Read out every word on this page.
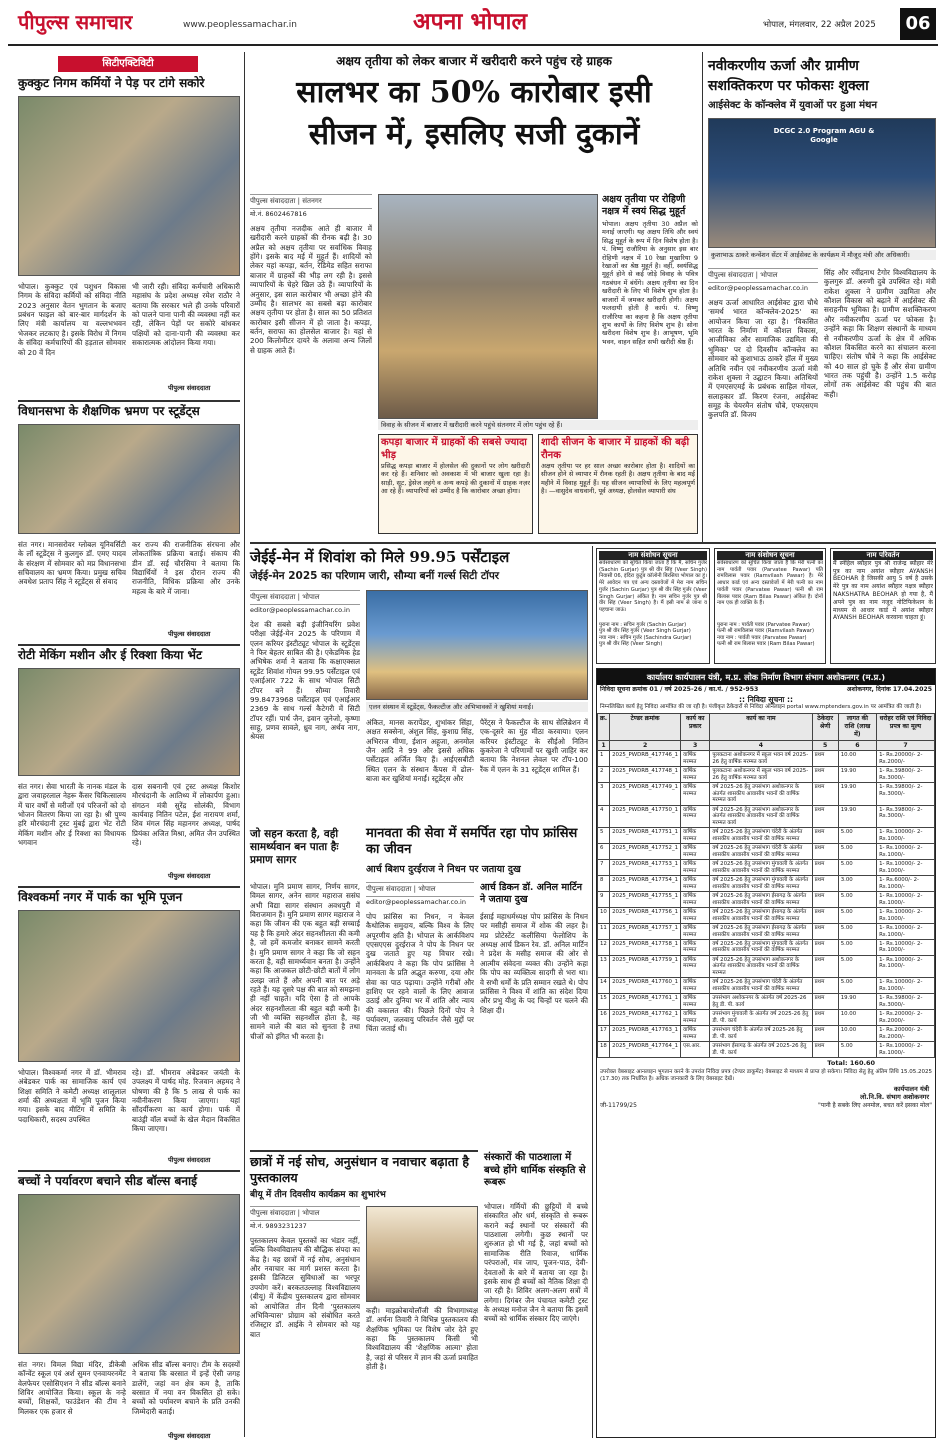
पीपुल्स समाचार	www.peoplessamachar.in	अपना भोपाल	भोपाल, मंगलवार, 22 अप्रैल 2025	06
सिटीएक्टिविटी
कुक्कुट निगम कर्मियों ने पेड़ पर टांगे सकोरे
भोपाल। कुक्कुट एवं पशुधन विकास निगम के संविदा कर्मियों को संविदा नीति 2023 अनुसार वेतन भुगतान के बजाए प्रबंधन फाइल को बार-बार मार्गदर्शन के लिए मंत्री कार्यालय या वल्लभभवन भेजकर लटकाए है। इसके विरोध में निगम के संविदा कर्मचारियों की हड़ताल सोमवार को 20 वें दिन
भी जारी रही। संविदा कर्मचारी अधिकारी महासंघ के प्रदेश अध्यक्ष रमेश राठौर ने बताया कि सरकार भले ही उनके परिवारों को पालने पाना पानी की व्यवस्था नहीं कर रही, लेकिन पेड़ों पर सकोरे बांधकर पक्षियों को दाना-पानी की व्यवस्था कर सकारात्मक आंदोलन किया गया।
पीपुल्स संवाददाता
विधानसभा के शैक्षणिक भ्रमण पर स्टूडेंट्स
संत नगर। मानसरोवर ग्लोबल यूनिवर्सिटी के लॉ स्टूडेंट्स ने कुलगुरु डॉ. एमए यादव के संरक्षण में सोमवार को मप्र विधानसभा सचिवालय का भ्रमण किया। प्रमुख सचिव अवधेश प्रताप सिंह ने स्टूडेंट्स से संवाद
कर राज्य की राजनीतिक संरचना और लोकतांत्रिक प्रक्रिया बताई। संकाय की डीन डॉ. सई चौरसिया ने बताया कि विद्यार्थियों ने इस दौरान राज्य की राजनीति, विधिक प्रक्रिया और उनके महत्व के बारे में जाना।
पीपुल्स संवाददाता
रोटी मेकिंग मशीन और ई रिक्शा किया भेंट
संत नगर। सेवा भारती के नानक मंडल के द्वारा जवाहरलाल नेहरू कैंसर चिकित्सालय में चार वर्षों से मरीजों एवं परिजनों को दो भोजन वितरण किया जा रहा है। श्री पुण्य हरि मौरचंदानी ट्रस्ट मुंबई द्वारा भेंट रोटी मेकिंग मशीन और ई रिक्शा का विधायक भगवान
दास सबनानी एवं ट्रस्ट अध्यक्ष किशोर मौरचंदानी के आतिथ्य में लोकार्पण हुआ। संगठन मंत्री सुरेंद्र सोलंकी, विभाग कार्यवाह नितिन पटेल, ईश नारायण शर्मा, शिव मंगल सिंह महानगर अध्यक्ष, पार्षद प्रियंका अजित मिश्रा, अमित जैन उपस्थित रहे।
पीपुल्स संवाददाता
विश्वकर्मा नगर में पार्क का भूमि पूजन
भोपाल। विश्वकर्मा नगर में डॉ. भीमराव अंबेडकर पार्क का सामाजिक कार्य एवं शिक्षा समिति ने कमेटी अध्यक्ष शालूलाल शर्मा की अध्यक्षता में भूमि पूजन किया गया। इसके बाद मीटिंग में समिति के पदाधिकारी, सदस्य उपस्थित
रहे। डॉ. भीमराव अंबेडकर जयंती के उपलक्ष्य में पार्षद मोह. रिजवान अहमद ने घोषणा की है कि 5 लाख से पार्क का नवीनीकरण किया जाएगा। यहां सौंदर्यीकरण का कार्य होगा। पार्क में बाउंड्री वॉल बच्चों के खेल मैदान विकसित किया जाएगा।
पीपुल्स संवाददाता
बच्चों ने पर्यावरण बचाने सीड बॉल्स बनाई
संत नगर। विमल विद्या मंदिर, डीकेबी कॉन्वेंट स्कूल एवं अर्श सुमन एनवायरनमेंट वेलफेयर एसोसिएशन ने सीड बॉल्स बनाने शिविर आयोजित किया। स्कूल के नन्हे बच्चों, शिक्षकों, फाउंडेशन की टीम ने मिलकर एक हजार से
अधिक सीड बॉल्स बनाए। टीम के सदस्यों ने बताया कि बरसात में इन्हें ऐसी जगह डालेंगे, जहां वन क्षेत्र कम है, ताकि बरसात में नया वन विकसित हो सके। बच्चों को पर्यावरण बचाने के प्रति उनकी जिम्मेदारी बताई।
पीपुल्स संवाददाता
अक्षय तृतीया को लेकर बाजार में खरीदारी करने पहुंच रहे ग्राहक
सालभर का 50% कारोबार इसी
सीजन में, इसलिए सजी दुकानें
पीपुल्स संवाददाता | संतनगर
मो.नं. 8602467816
अक्षय तृतीया नजदीक आते ही बाजार में खरीदारी करने ग्राहकों की रौनक बढ़ी है। 30 अप्रैल को अक्षय तृतीया पर सर्वाधिक विवाह होंगे। इसके बाद मई में मुहूर्त हैं। शादियों को लेकर यहां कपड़ा, बर्तन, रेडिमेड सहित सराफा बाजार में ग्राहकों की भीड़ लग रही है। इससे व्यापारियों के चेहरे खिल उठे हैं। व्यापारियों के अनुसार, इस साल कारोबार भी अच्छा होने की उम्मीद है। सालभर का सबसे बड़ा कारोबार अक्षय तृतीया पर होता है। साल का 50 प्रतिशत कारोबार इसी सीजन में हो जाता है। कपड़ा, बर्तन, सराफा का होलसेल बाजार है। यहां से 200 किलोमीटर दायरे के अलावा अन्य जिलों से ग्राहक आते हैं।
विवाह के सीजन में बाजार में खरीदारी करने पहुंचे संतनगर में लोग पहुंच रहे हैं।
कपड़ा बाजार में ग्राहकों की सबसे ज्यादा भीड़
प्रसिद्ध कपड़ा बाजार में होलसेल की दुकानों पर लोग खरीदारी कर रहे हैं। शनिवार को अवकाश में भी बाजार खुला रहा है। साड़ी, सूट, ड्रेसेज लहंगे व अन्य कपड़े की दुकानों में ग्राहक नज़र आ रहे हैं। व्यापारियों को उम्मीद है कि कारोबार अच्छा होगा।
शादी सीजन के बाजार में ग्राहकों की बढ़ी रौनक
अक्षय तृतीया पर हर साल अच्छा कारोबार होता है। शादियों का सीजन होने से व्यापार में रौनक रहती है। अक्षय तृतीया के बाद मई महीने में विवाह मुहूर्त हैं। यह सीजन व्यापारियों के लिए महत्वपूर्ण है। —वासुदेव वाधवानी, पूर्व अध्यक्ष, होलसेल व्यापारी संघ
अक्षय तृतीया पर रोहिणी नक्षत्र में स्वयं सिद्ध मुहूर्त
भोपाल। अक्षय तृतीया 30 अप्रैल को मनाई जाएगी। यह अक्षय तिथि और स्वयं सिद्ध मुहूर्त के रूप में दिन विशेष होता है। पं. विष्णु राजौरिया के अनुसार इस बार रोहिणी नक्षत्र में 10 रेखा मुखारिया 9 रेखाओं का श्रेष्ठ मुहूर्त है। वहीं, स्वयंसिद्ध मुहूर्त होने से कई जोड़े विवाह के पवित्र गठबंधन में बंधेंगे। अक्षय तृतीया का दिन खरीदारी के लिए भी विशेष शुभ होता है। बाजारों में जमकर खरीदारी होगी। अक्षय फलदायी होती है कार्य। पं. विष्णु राजौरिया का कहना है कि अक्षय तृतीया शुभ कार्यों के लिए विशेष शुभ है। सोना खरीदना विशेष शुभ है। आभूषण, भूमि भवन, वाहन सहित सभी खरीदी श्रेष्ठ हैं।
नवीकरणीय ऊर्जा और ग्रामीण
सशक्तिकरण पर फोकसः शुक्ला
आईसेक्ट के कॉन्क्लेव में युवाओं पर हुआ मंथन
DCGC 2.0 Program AGU & Google
कुशाभाऊ ठाकरे कन्वेंशन सेंटर में आईसेक्ट के कार्यक्रम में मौजूद मंत्री और अधिकारी।
पीपुल्स संवाददाता | भोपाल
editor@peoplessamachar.co.in
अक्षय ऊर्जा आधारित आईसेक्ट द्वारा चौथे 'समर्थ भारत कॉन्क्लेव-2025' का आयोजन किया जा रहा है। 'विकसित भारत के निर्माण में कौशल विकास, आजीविका और सामाजिक उद्यमिता की भूमिका' पर दो दिवसीय कॉन्क्लेव का सोमवार को कुशाभाऊ ठाकरे हॉल में मुख्य अतिथि नवीन एवं नवीकरणीय ऊर्जा मंत्री राकेश शुक्ला ने उद्घाटन किया। अतिथियों में एमएसएमई के प्रबंधक साहिल गोयल, सलाहकार डॉ. किरण रंजना, आईसेक्ट समूह के चेयरमैन संतोष चौबे, एफएसएम कुलपति डॉ. विजय
सिंह और रवींद्रनाथ टैगोर विश्वविद्यालय के कुलगुरु डॉ. अरुणी दुबे उपस्थित रहे। मंत्री राकेश शुक्ला ने ग्रामीण उद्यमिता और कौशल विकास को बढ़ाने में आईसेक्ट की सराहनीय भूमिका है। ग्रामीण सशक्तिकरण और नवीकरणीय ऊर्जा पर फोकस है। उन्होंने कहा कि शिक्षण संस्थानों के माध्यम से नवीकरणीय ऊर्जा के क्षेत्र में अधिक कौशल विकसित करने का संचालन करना चाहिए। संतोष चौबे ने कहा कि आईसेक्ट को 40 साल हो चुके हैं और सेवा ग्रामीण भारत तक पहुंची है। उन्होंने 1.5 करोड़ लोगों तक आईसेक्ट की पहुंच की बात कही।
जेईई-मेन में शिवांश को मिले 99.95 पर्सेंटाइल
जेईई-मेन 2025 का परिणाम जारी, सौम्या बनीं गर्ल्स सिटी टॉपर
पीपुल्स संवाददाता | भोपाल
editor@peoplessamachar.co.in
देश की सबसे बड़ी इंजीनियरिंग प्रवेश परीक्षा जेईई-मेन 2025 के परिणाम में एलन करियर इंस्टीट्यूट भोपाल के स्टूडेंट्स ने फिर बेहतर साबित की है। एकेडमिक हेड अभिषेक शर्मा ने बताया कि कक्षाएक्सल स्टूडेंट शिवांश गोयल 99.95 पर्सेंटाइल एवं एआईआर 722 के साथ भोपाल सिटी टॉपर बने हैं। सौम्या तिवारी 99.8473968 पर्सेंटाइल एवं एआईआर 2369 के साथ गर्ल्स कैटेगरी में सिटी टॉपर रहीं। पार्थ जैन, इवान जुनेजो, कृष्णा साहू, प्रणव सावले, ध्रुव नाग, अर्थव नाग, श्रेयस
एलन संस्थान में स्टूडेंट्स, फैकल्टीज और अभिभावकों ने खुशियां मनाईं।
अंकित, मानस करापेंडर, शुभांकर सिंहा, अक्षत सक्सेना, अंशुल सिंह, कुशाग्र सिंह, अभिराज मीणा, ईशान अहूजा, अनमोल जैन आदि ने 99 और इससे अधिक पर्सेंटाइल अर्जित किए हैं। आईएसबीटी स्थित एलन के संस्थान कैंपस में ढोल-बाजा कर खुशियां मनाईं। स्टूडेंट्स और
पैरेंट्स ने फैकल्टीज के साथ सेलिब्रेशन में एक-दूसरे का मुंह मीठा करवाया। एलन करियर इंस्टीट्यूट के सीईओ नितिन कुकरेजा ने परिणामों पर खुशी जाहिर कर बताया कि नेशनल लेवल पर टॉप-100 रैंक में एलन के 31 स्टूडेंट्स शामिल हैं।
जो सहन करता है, वही सामर्थ्यवान बन पाता हैः प्रमाण सागर
भोपाल। मुनि प्रमाण सागर, निर्णय सागर, विमल सागर, अनेन सागर महाराज ससंघ अभी विद्या सागर संस्थान अवधपुरी में विराजमान हैं। मुनि प्रमाण सागर महाराज ने कहा कि जीवन की एक बहुत बड़ी सच्चाई यह है कि हमारे अंदर सहनशीलता की कमी है, जो हमें कमजोर बनाकर सामने करती है। मुनि प्रमाण सागर ने कहा कि जो सहन करता है, वही सामर्थ्यवान बनता है। उन्होंने कहा कि आजकल छोटी-छोटी बातों में लोग उलझ जाते हैं और अपनी बात पर अड़े रहते हैं। यह दूसरे पक्ष की बात को समझना ही नहीं चाहते। यदि ऐसा है तो आपके अंदर सहनशीलता की बहुत बड़ी कमी है। जी भी व्यक्ति सहनशील होता है, वह सामने वाले की बात को सुनता है तथा चीजों को इंगित भी करता है।
मानवता की सेवा में समर्पित रहा पोप फ्रांसिस का जीवन
आर्च बिशप दुरईराज ने निधन पर जताया दुख
पीपुल्स संवाददाता | भोपाल
editor@peoplessamachar.co.in
पोप फ्रांसिस का निधन, न केवल कैथोलिक समुदाय, बल्कि विश्व के लिए अपूरणीय क्षति है। भोपाल के आर्कविशप एएसएएस दुरईराज ने पोप के निधन पर दुख जताते हुए यह विचार रखे। आर्कबिशप ने कहा कि पोप फ्रांसिस ने मानवता के प्रति अद्भुत करुणा, दया और सेवा का पाठ पढ़ाया। उन्होंने गरीबों और हाशिए पर रहने वालों के लिए आवाज उठाई और दुनिया भर में शांति और न्याय की वकालत की। पिछले दिनों पोप ने पर्यावरण, जलवायु परिवर्तन जैसे मुद्दों पर चिंता जताई थी।
आर्च डिकन डॉ. अनिल मार्टिन ने जताया दुख
ईसाई महाधर्मध्यक्ष पोप फ्रांसिस के निधन पर मसीही समाज में शोक की लहर है। मप्र प्रोटेस्टेंट कलीसिया फेलोशिप के अध्यक्ष आर्च डिकन रेव. डॉ. अनिल मार्टिन ने प्रदेश के मसीह समाज की ओर से आत्मीय संवेदना व्यक्त की। उन्होंने कहा कि पोप का व्यक्तित्व सादगी से भरा था। वे सभी धर्मों के प्रति सम्मान रखते थे। पोप फ्रांसिस ने विश्व में शांति का संदेश दिया और प्रभु यीशु के पद चिन्हों पर चलने की शिक्षा दी।
छात्रों में नई सोच, अनुसंधान व नवाचार बढ़ाता है पुस्तकालय
बीयू में तीन दिवसीय कार्यक्रम का शुभारंभ
पीपुल्स संवाददाता | भोपाल
मो.नं. 9893231237
पुस्तकालय केवल पुस्तकों का भंडार नहीं, बल्कि विश्वविद्यालय की बौद्धिक संपदा का केंद्र है। यह छात्रों में नई सोच, अनुसंधान और नवाचार का मार्ग प्रशस्त करता है। इसकी डिजिटल सुविधाओं का भरपूर उपयोग करें। बरकतउल्लाह विश्वविद्यालय (बीयू) में केंद्रीय पुस्तकालय द्वारा सोमवार को आयोजित तीन दिनी 'पुस्तकालय अभिविन्यास' प्रोग्राम को संबोधित करते रजिस्ट्रार डॉ. आईके ने सोमवार को यह बात
कही। माइक्रोबायोलॉजी की विभागाध्यक्ष डॉ. अर्चना तिवारी ने विभिन्न पुस्तकालय की शैक्षणिक भूमिका पर विशेष जोर देते हुए कहा कि पुस्तकालय किसी भी विश्वविद्यालय की 'शैक्षणिक आत्मा' होता है, जहां से परिसर में ज्ञान की ऊर्जा प्रवाहित होती है।
संस्कारों की पाठशाला में बच्चे होंगे धार्मिक संस्कृति से रूबरू
भोपाल। गर्मियों की छुट्टियों में बच्चे संस्कारित और धर्म, संस्कृति से रूबरू कराने कई स्थानों पर संस्कारों की पाठशाला लगेगी। कुछ स्थानों पर शुरुआत हो भी गई है, जहां बच्चों को सामाजिक रीति रिवाज, धार्मिक परंपराओं, मंत्र जाप, पूजन-पाठ, देवी-देवताओं के बारे में बताया जा रहा है। इसके साथ ही बच्चों को नैतिक शिक्षा दी जा रही है। शिविर अलग-अलग सत्रों में लगेगा। दिगंबर जैन पंचायत कमेटी ट्रस्ट के अध्यक्ष मनोज जैन ने बताया कि इसमें बच्चों को धार्मिक संस्कार दिए जाएंगे।
नाम संशोधन सूचना
सर्वसाधारण को सूचित किया जाता है कि मैं, सचिन गुर्जर (Sachin Gurjar) पुत्र श्री वीर सिंह (Veer Singh) निवासी 06, इंदिरा कुटुंब कॉलोनी बिरसिया भोपाल का हूं। मेरे आवेदन पत्र एवं अन्य दस्तावेजों में मेरा नाम सचिन गुर्जर (Sachin Gurjar) पुत्र श्री वीर सिंह गुर्जर (Veer Singh Gurjar) अंकित है। नाम सचिन गुर्जर पुत्र श्री वीर सिंह (Veer Singh) है। मैं इसी नाम से जाना व पहचाना जाऊं।
पुराना नाम : सचिन गुर्जर (Sachin Gurjar)
पुत्र श्री वीर सिंह गुर्जर (Veer Singh Gurjar)
नया नाम : सचिन गुर्जर (Sachindra Gurjar)
पुत्र श्री वीर सिंह (Veer Singh)
नाम संशोधन सूचना
सर्वसाधारण को सूचित किया जाता है कि मेरी पत्नी का नाम पार्वती पवार (Parvatee Pawar) पति रामविलास पवार (Ramvilash Pawar) है। मेरे आधार कार्ड एवं अन्य दस्तावेजों में मेरी पत्नी का नाम पार्वती पवार (Parvatee Pawar) पत्नी श्री राम बिलास पवार (Ram Bilas Pawar) अंकित है। दोनों नाम एक ही व्यक्ति के हैं।
पुराना नाम : पार्वती पवार (Parvatee Pawar)
पत्नी श्री रामविलास पवार (Ramvilash Pawar)
नया नाम : पार्वती पवार (Parvatee Pawar)
पत्नी श्री राम बिलास पवार (Ram Bilas Pawar)
नाम परिवर्तन
मैं स्नेहिल ब्यौहार पुत्र श्री राजेन्द्र ब्यौहार मेरे पुत्र का नाम अयांश ब्यौहार AYANSH BEOHAR है जिसकी आयु 5 वर्ष है उसके मेरे पुत्र का नाम अयांश ब्यौहार नक्षत्र ब्यौहार NAKSHATRA BEOHAR हो गया है, मैं अपने पुत्र का नाम नजूद नोटिफिकेशन के माध्यम से आधार कार्ड में अयांश ब्यौहार AYANSH BEOHAR करवाना चाहता हूं।
कार्यालय कार्यपालन यंत्री, म.प्र. लोक निर्माण विभाग संभाग अशोकनगर (म.प्र.)
निविदा सूचना क्रमांक 01 / वर्ष 2025-26 / का.यं. / 952-953	अशोकनगर, दिनांक 17.04.2025
:: निविदा सूचना ::
निम्नलिखित कार्य हेतु निविदा आमंत्रित की जा रही है। पंजीकृत ठेकेदारों से निविदा ऑनलाइन portal www.mptenders.gov.in पर आमंत्रित की जाती है।
क्र.	टेण्डर क्रमांक	कार्य का प्रकार	कार्य का नाम	ठेकेदार श्रेणी	लागत की राशि (लाख में)	धरोहर राशि एवं निविदा प्रपत्र का मूल्य
1	2	3	4	5	6	7
1	2025_PWDRB_417746_1	वार्षिक मरम्मत	पुलकटाना अशोकनगर में स्कूल भवन वर्ष 2025-26 हेतु वार्षिक मरम्मत कार्य	प्रथम	10.00	1- Rs.20000/- 2- Rs.2000/-
2	2025_PWDRB_417748_1	वार्षिक मरम्मत	पुलकटाना अशोकनगर में स्कूल भवन वर्ष 2025-26 हेतु वार्षिक मरम्मत कार्य	प्रथम	19.90	1- Rs.39800/- 2- Rs.3000/-
3	2025_PWDRB_417749_1	वार्षिक मरम्मत	वर्ष 2025-26 हेतु उपसंभाग अशोकनगर के अंतर्गत शासकीय आवासीय भवनों की वार्षिक मरम्मत कार्य	प्रथम	19.90	1- Rs.39800/- 2- Rs.3000/-
4	2025_PWDRB_417750_1	वार्षिक मरम्मत	वर्ष 2025-26 हेतु उपसंभाग अशोकनगर के अंतर्गत शासकीय आवासीय भवनों की वार्षिक मरम्मत कार्य	प्रथम	19.90	1- Rs.39800/- 2- Rs.3000/-
5	2025_PWDRB_417751_1	वार्षिक मरम्मत	वर्ष 2025-26 हेतु उपसंभाग चंदेरी के अंतर्गत शासकीय आवासीय भवनों की वार्षिक मरम्मत	प्रथम	5.00	1- Rs.10000/- 2- Rs.1000/-
6	2025_PWDRB_417752_1	वार्षिक मरम्मत	वर्ष 2025-26 हेतु उपसंभाग चंदेरी के अंतर्गत शासकीय आवासीय भवनों की वार्षिक मरम्मत	प्रथम	5.00	1- Rs.10000/- 2- Rs.1000/-
7	2025_PWDRB_417753_1	वार्षिक मरम्मत	वर्ष 2025-26 हेतु उपसंभाग मुंगावली के अंतर्गत शासकीय आवासीय भवनों की वार्षिक मरम्मत	प्रथम	5.00	1- Rs.10000/- 2- Rs.1000/-
8	2025_PWDRB_417754_1	वार्षिक मरम्मत	वर्ष 2025-26 हेतु उपसंभाग मुंगावली के अंतर्गत शासकीय आवासीय भवनों की वार्षिक मरम्मत	प्रथम	3.00	1- Rs.6000/- 2- Rs.1000/-
9	2025_PWDRB_417755_1	वार्षिक मरम्मत	वर्ष 2025-26 हेतु उपसंभाग ईसागढ़ के अंतर्गत शासकीय आवासीय भवनों की वार्षिक मरम्मत	प्रथम	5.00	1- Rs.10000/- 2- Rs.1000/-
10	2025_PWDRB_417756_1	वार्षिक मरम्मत	वर्ष 2025-26 हेतु उपसंभाग ईसागढ़ के अंतर्गत शासकीय आवासीय भवनों की वार्षिक मरम्मत	प्रथम	5.00	1- Rs.10000/- 2- Rs.1000/-
11	2025_PWDRB_417757_1	वार्षिक मरम्मत	वर्ष 2025-26 हेतु उपसंभाग ईसागढ़ के अंतर्गत शासकीय आवासीय भवनों की वार्षिक मरम्मत	प्रथम	5.00	1- Rs.10000/- 2- Rs.1000/-
12	2025_PWDRB_417758_1	वार्षिक मरम्मत	वर्ष 2025-26 हेतु उपसंभाग मुंगावली के अंतर्गत शासकीय आवासीय भवनों की वार्षिक मरम्मत	प्रथम	5.00	1- Rs.10000/- 2- Rs.1000/-
13	2025_PWDRB_417759_1	वार्षिक मरम्मत	वर्ष 2025-26 हेतु उपसंभाग अशोकनगर के अंतर्गत शासकीय आवासीय भवनों की वार्षिक मरम्मत	प्रथम	5.00	1- Rs.10000/- 2- Rs.1000/-
14	2025_PWDRB_417760_1	वार्षिक मरम्मत	वर्ष 2025-26 हेतु उपसंभाग चंदेरी के अंतर्गत शासकीय आवासीय भवनों की वार्षिक मरम्मत	प्रथम	5.00	1- Rs.10000/- 2- Rs.1000/-
15	2025_PWDRB_417761_1	वार्षिक मरम्मत	उपसंभाग अशोकनगर के अंतर्गत वर्ष 2025-26 हेतु डी. पी. कार्य	प्रथम	19.90	1- Rs.39800/- 2- Rs.3000/-
16	2025_PWDRB_417762_1	वार्षिक मरम्मत	उपसंभाग मुंगावली के अंतर्गत वर्ष 2025-26 हेतु डी. पी. कार्य	प्रथम	10.00	1- Rs.20000/- 2- Rs.2000/-
17	2025_PWDRB_417763_1	वार्षिक मरम्मत	उपसंभाग चंदेरी के अंतर्गत वर्ष 2025-26 हेतु डी. पी. कार्य	प्रथम	10.00	1- Rs.20000/- 2- Rs.2000/-
18	2025_PWDRB_417764_1	एस.आर.	उपसंभाग ईसागढ़ के अंतर्गत वर्ष 2025-26 हेतु डी. पी. कार्य	प्रथम	5.00	1- Rs.10000/- 2- Rs.1000/-
Total: 160.60
उपरोक्त वेबसाइट आनलाइन भुगतान करने के उपरांत निविदा प्रपत्र (टेण्डर डाकूमेंट) वेबसाइट से माध्यम से प्राप्त हो सकेगा। निविदा सेतु हेतु अंतिम तिथि 15.05.2025 (17.30) तक निर्धारित है। अधिक जानकारी के लिए वेबसाइट देखें।
कार्यपालन यंत्री
लो.नि.वि. संभाग अशोकनगर
जी-11799/25	"पानी है सबके लिए अनमोल, बचत करें इसका मोल"
